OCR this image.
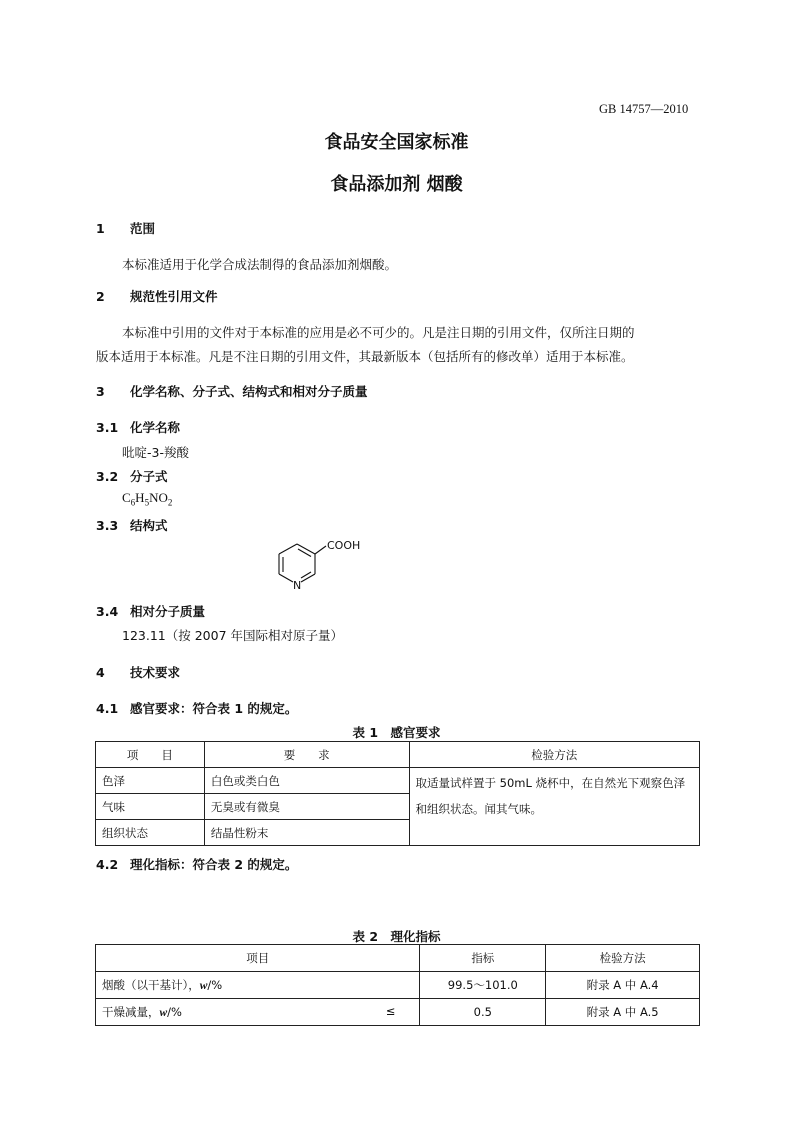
GB 14757—2010
食品安全国家标准
食品添加剂 烟酸
1 范围
本标准适用于化学合成法制得的食品添加剂烟酸。
2 规范性引用文件
本标准中引用的文件对于本标准的应用是必不可少的。凡是注日期的引用文件，仅所注日期的
版本适用于本标准。凡是不注日期的引用文件，其最新版本（包括所有的修改单）适用于本标准。
3 化学名称、分子式、结构式和相对分子质量
3.1 化学名称
吡啶-3-羧酸
3.2 分子式
$C_6H_5NO_2$
3.3 结构式
COOH
N
3.4 相对分子质量
123.11（按 2007 年国际相对原子量）
4 技术要求
4.1 感官要求：符合表 1 的规定。
表 1　感官要求
项　　目	要　　求	检验方法
色泽	白色或类白色	取适量试样置于 50mL 烧杯中，在自然光下观察色泽和组织状态。闻其气味。
气味	无臭或有微臭	
组织状态	结晶性粉末	
4.2 理化指标：符合表 2 的规定。
表 2　理化指标
项目	指标	检验方法
烟酸（以干基计），w/%	99.5～101.0	附录 A 中 A.4
干燥减量，w/% ≤	0.5	附录 A 中 A.5
